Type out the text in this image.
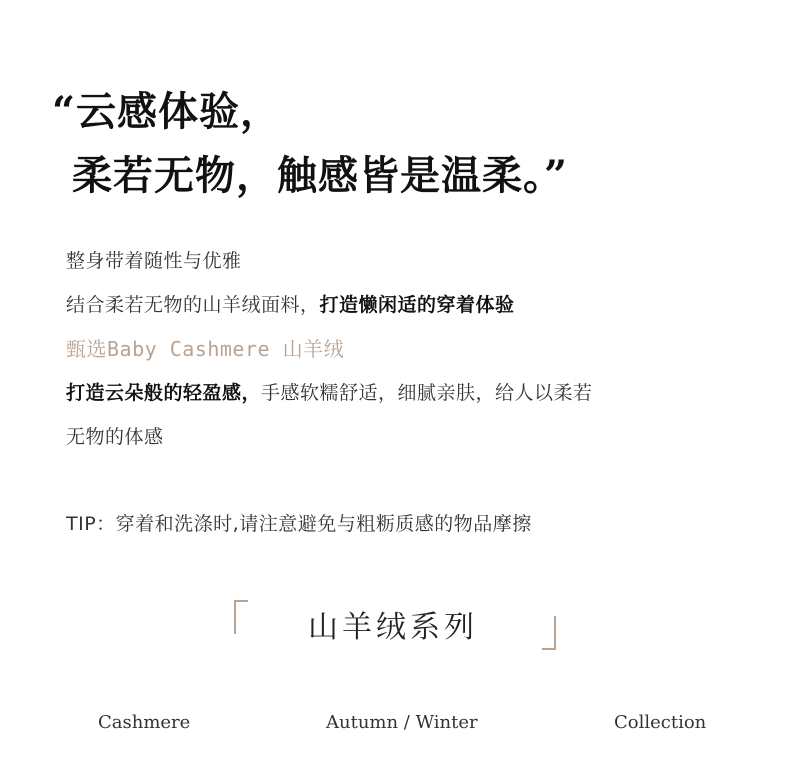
“云感体验，
柔若无物，触感皆是温柔。”
整身带着随性与优雅
结合柔若无物的山羊绒面料，打造懒闲适的穿着体验
甄选Baby Cashmere 山羊绒
打造云朵般的轻盈感，手感软糯舒适，细腻亲肤，给人以柔若
无物的体感
TIP：穿着和洗涤时,请注意避免与粗粝质感的物品摩擦
山羊绒系列
Cashmere	Autumn / Winter	Collection
